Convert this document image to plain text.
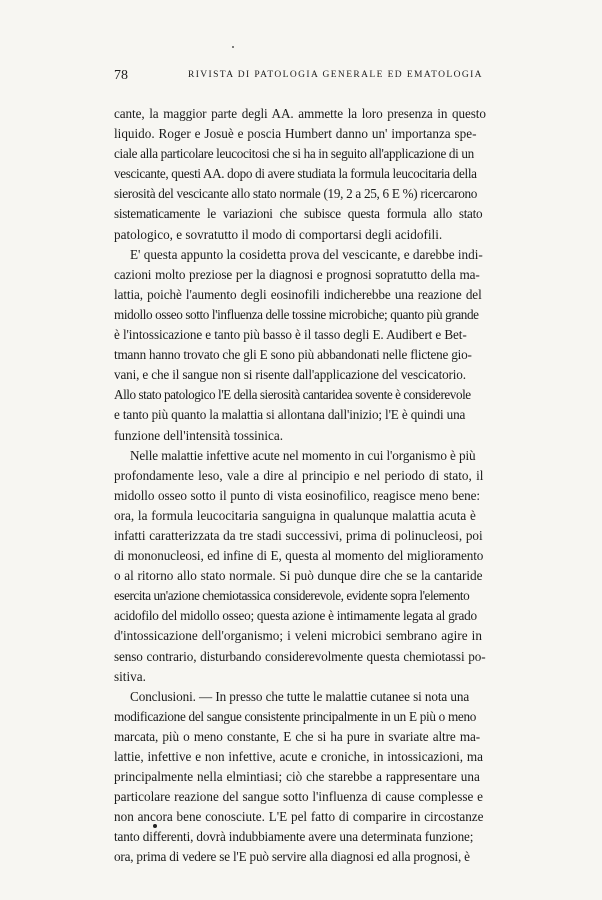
78	RIVISTA DI PATOLOGIA GENERALE ED EMATOLOGIA
cante, la maggior parte degli AA. ammette la loro presenza in questo
liquido. Roger e Josuè e poscia Humbert danno un' importanza spe-
ciale alla particolare leucocitosi che si ha in seguito all'applicazione di un
vescicante, questi AA. dopo di avere studiata la formula leucocitaria della
sierosità del vescicante allo stato normale (19, 2 a 25, 6 E %) ricercarono
sistematicamente le variazioni che subisce questa formula allo stato
patologico, e sovratutto il modo di comportarsi degli acidofili.
E' questa appunto la cosidetta prova del vescicante, e darebbe indi-
cazioni molto preziose per la diagnosi e prognosi sopratutto della ma-
lattia, poichè l'aumento degli eosinofili indicherebbe una reazione del
midollo osseo sotto l'influenza delle tossine microbiche; quanto più grande
è l'intossicazione e tanto più basso è il tasso degli E. Audibert e Bet-
tmann hanno trovato che gli E sono più abbandonati nelle flictene gio-
vani, e che il sangue non si risente dall'applicazione del vescicatorio.
Allo stato patologico l'E della sierosità cantaridea sovente è considerevole
e tanto più quanto la malattia si allontana dall'inizio; l'E è quindi una
funzione dell'intensità tossinica.
Nelle malattie infettive acute nel momento in cui l'organismo è più
profondamente leso, vale a dire al principio e nel periodo di stato, il
midollo osseo sotto il punto di vista eosinofilico, reagisce meno bene:
ora, la formula leucocitaria sanguigna in qualunque malattia acuta è
infatti caratterizzata da tre stadi successivi, prima di polinucleosi, poi
di mononucleosi, ed infine di E, questa al momento del miglioramento
o al ritorno allo stato normale. Si può dunque dire che se la cantaride
esercita un'azione chemiotassica considerevole, evidente sopra l'elemento
acidofilo del midollo osseo; questa azione è intimamente legata al grado
d'intossicazione dell'organismo; i veleni microbici sembrano agire in
senso contrario, disturbando considerevolmente questa chemiotassi po-
sitiva.
Conclusioni. — In presso che tutte le malattie cutanee si nota una
modificazione del sangue consistente principalmente in un E più o meno
marcata, più o meno constante, E che si ha pure in svariate altre ma-
lattie, infettive e non infettive, acute e croniche, in intossicazioni, ma
principalmente nella elmintiasi; ciò che starebbe a rappresentare una
particolare reazione del sangue sotto l'influenza di cause complesse e
non ancora bene conosciute. L'E pel fatto di comparire in circostanze
tanto differenti, dovrà indubbiamente avere una determinata funzione;
ora, prima di vedere se l'E può servire alla diagnosi ed alla prognosi, è
